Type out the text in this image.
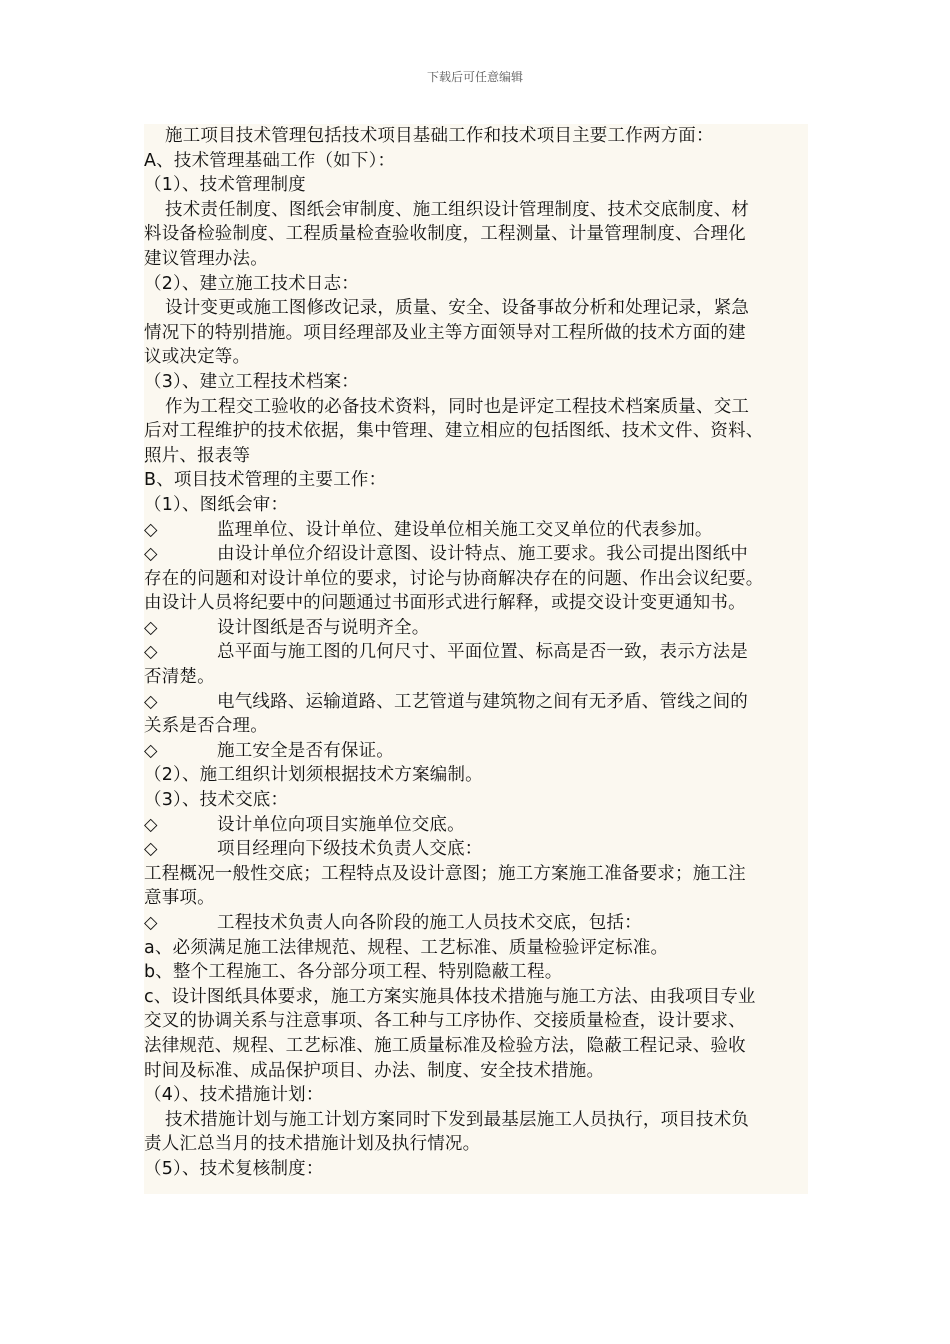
下载后可任意编辑
施工项目技术管理包括技术项目基础工作和技术项目主要工作两方面：
A、技术管理基础工作（如下）：
（1）、技术管理制度
技术责任制度、图纸会审制度、施工组织设计管理制度、技术交底制度、材
料设备检验制度、工程质量检查验收制度，工程测量、计量管理制度、合理化
建议管理办法。
（2）、建立施工技术日志：
设计变更或施工图修改记录，质量、安全、设备事故分析和处理记录，紧急
情况下的特别措施。项目经理部及业主等方面领导对工程所做的技术方面的建
议或决定等。
（3）、建立工程技术档案：
作为工程交工验收的必备技术资料，同时也是评定工程技术档案质量、交工
后对工程维护的技术依据，集中管理、建立相应的包括图纸、技术文件、资料、
照片、报表等
B、项目技术管理的主要工作：
（1）、图纸会审：
◇	监理单位、设计单位、建设单位相关施工交叉单位的代表参加。
◇	由设计单位介绍设计意图、设计特点、施工要求。我公司提出图纸中
存在的问题和对设计单位的要求，讨论与协商解决存在的问题、作出会议纪要。
由设计人员将纪要中的问题通过书面形式进行解释，或提交设计变更通知书。
◇	设计图纸是否与说明齐全。
◇	总平面与施工图的几何尺寸、平面位置、标高是否一致，表示方法是
否清楚。
◇	电气线路、运输道路、工艺管道与建筑物之间有无矛盾、管线之间的
关系是否合理。
◇	施工安全是否有保证。
（2）、施工组织计划须根据技术方案编制。
（3）、技术交底：
◇	设计单位向项目实施单位交底。
◇	项目经理向下级技术负责人交底：
工程概况一般性交底；工程特点及设计意图；施工方案施工准备要求；施工注
意事项。
◇	工程技术负责人向各阶段的施工人员技术交底，包括：
a、必须满足施工法律规范、规程、工艺标准、质量检验评定标准。
b、整个工程施工、各分部分项工程、特别隐蔽工程。
c、设计图纸具体要求，施工方案实施具体技术措施与施工方法、由我项目专业
交叉的协调关系与注意事项、各工种与工序协作、交接质量检查，设计要求、
法律规范、规程、工艺标准、施工质量标准及检验方法，隐蔽工程记录、验收
时间及标准、成品保护项目、办法、制度、安全技术措施。
（4）、技术措施计划：
技术措施计划与施工计划方案同时下发到最基层施工人员执行，项目技术负
责人汇总当月的技术措施计划及执行情况。
（5）、技术复核制度：
